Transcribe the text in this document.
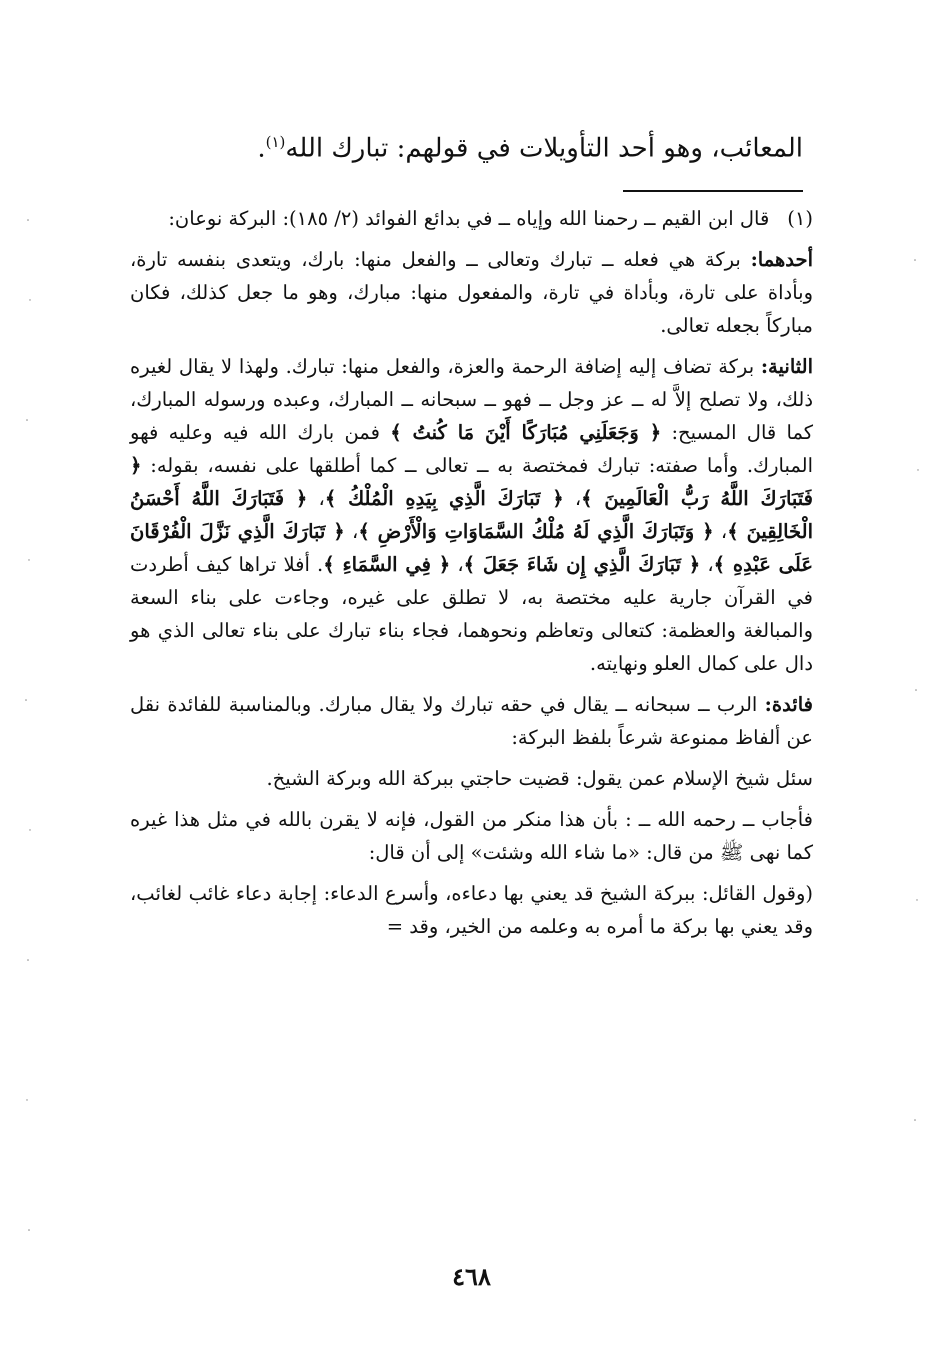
المعائب، وهو أحد التأويلات في قولهم: تبارك الله$^{(١)}$.

(١)قال ابن القيم ــ رحمنا الله وإياه ــ في بدائع الفوائد (٢/ ١٨٥): البركة نوعان:

أحدهما: بركة هي فعله ــ تبارك وتعالى ــ والفعل منها: بارك، ويتعدى بنفسه تارة، وبأداة على تارة، وبأداة في تارة، والمفعول منها: مبارك، وهو ما جعل كذلك، فكان مباركاً بجعله تعالى.

الثانية: بركة تضاف إليه إضافة الرحمة والعزة، والفعل منها: تبارك. ولهذا لا يقال لغيره ذلك، ولا تصلح إلاَّ له ــ عز وجل ــ فهو ــ سبحانه ــ المبارك، وعبده ورسوله المبارك، كما قال المسيح: ﴿ وَجَعَلَنِي مُبَارَكًا أَيْنَ مَا كُنتُ ﴾ فمن بارك الله فيه وعليه فهو المبارك. وأما صفته: تبارك فمختصة به ــ تعالى ــ كما أطلقها على نفسه، بقوله: ﴿ فَتَبَارَكَ اللَّهُ رَبُّ الْعَالَمِينَ ﴾، ﴿ تَبَارَكَ الَّذِي بِيَدِهِ الْمُلْكُ ﴾، ﴿ فَتَبَارَكَ اللَّهُ أَحْسَنُ الْخَالِقِينَ ﴾، ﴿ وَتَبَارَكَ الَّذِي لَهُ مُلْكُ السَّمَاوَاتِ وَالْأَرْضِ ﴾، ﴿ تَبَارَكَ الَّذِي نَزَّلَ الْفُرْقَانَ عَلَى عَبْدِهِ ﴾، ﴿ تَبَارَكَ الَّذِي إِن شَاءَ جَعَلَ ﴾، ﴿ فِي السَّمَاءِ ﴾. أفلا تراها كيف أطردت في القرآن جارية عليه مختصة به، لا تطلق على غيره، وجاءت على بناء السعة والمبالغة والعظمة: كتعالى وتعاظم ونحوهما، فجاء بناء تبارك على بناء تعالى الذي هو دال على كمال العلو ونهايته.

فائدة: الرب ــ سبحانه ــ يقال في حقه تبارك ولا يقال مبارك. وبالمناسبة للفائدة نقل عن ألفاظ ممنوعة شرعاً بلفظ البركة:

سئل شيخ الإسلام عمن يقول: قضيت حاجتي ببركة الله وبركة الشيخ.

فأجاب ــ رحمه الله ــ : بأن هذا منكر من القول، فإنه لا يقرن بالله في مثل هذا غيره كما نهى ﷺ من قال: «ما شاء الله وشئت» إلى أن قال:

(وقول القائل: ببركة الشيخ قد يعني بها دعاءه، وأسرع الدعاء: إجابة دعاء غائب لغائب، وقد يعني بها بركة ما أمره به وعلمه من الخير، وقد =

٤٦٨
